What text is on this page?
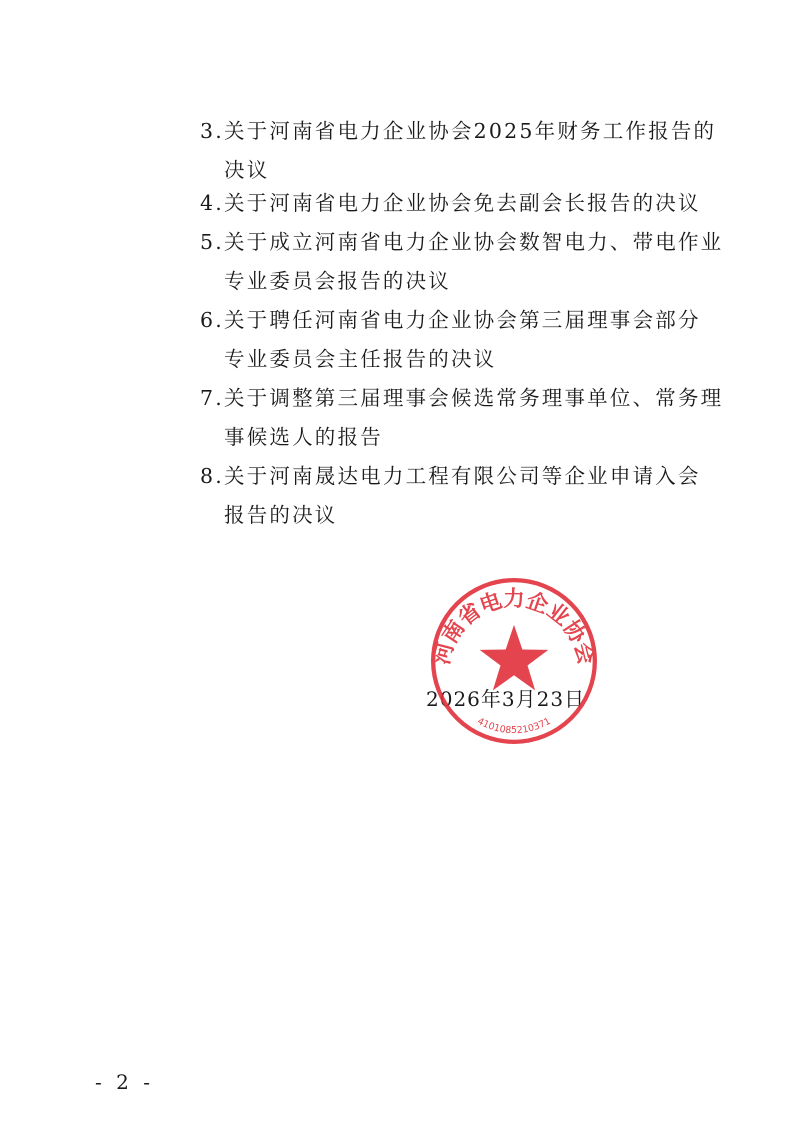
3.关于河南省电力企业协会2025年财务工作报告的
决议
4.关于河南省电力企业协会免去副会长报告的决议
5.关于成立河南省电力企业协会数智电力、带电作业
专业委员会报告的决议
6.关于聘任河南省电力企业协会第三届理事会部分
专业委员会主任报告的决议
7.关于调整第三届理事会候选常务理事单位、常务理
事候选人的报告
8.关于河南晟达电力工程有限公司等企业申请入会
报告的决议
2026年3月23日
河南省电力企业协会
4101085210371
- 2 -
